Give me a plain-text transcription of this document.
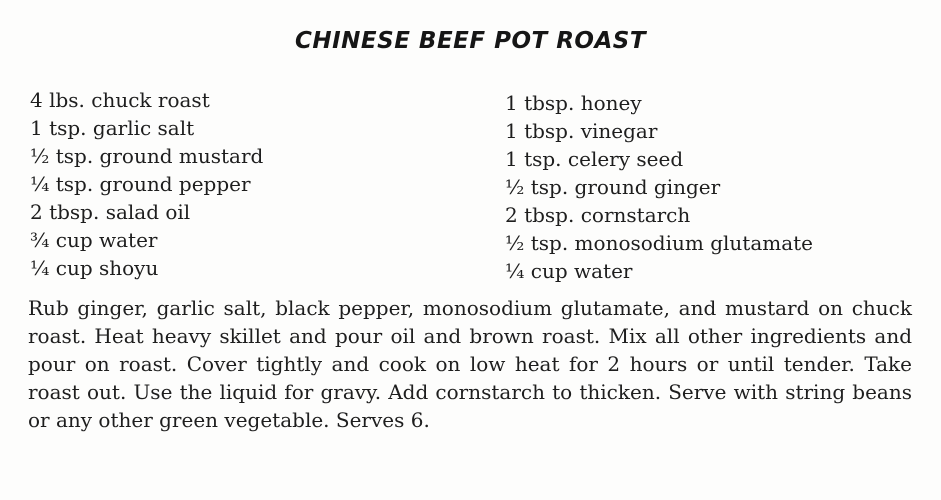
CHINESE BEEF POT ROAST
4 lbs. chuck roast
1 tsp. garlic salt
½ tsp. ground mustard
¼ tsp. ground pepper
2 tbsp. salad oil
¾ cup water
¼ cup shoyu
1 tbsp. honey
1 tbsp. vinegar
1 tsp. celery seed
½ tsp. ground ginger
2 tbsp. cornstarch
½ tsp. monosodium glutamate
¼ cup water

Rub ginger, garlic salt, black pepper, monosodium glutamate, and mustard on chuck roast. Heat heavy skillet and pour oil and brown roast. Mix all other ingredients and pour on roast. Cover tightly and cook on low heat for 2 hours or until tender. Take roast out. Use the liquid for gravy. Add cornstarch to thicken. Serve with string beans or any other green vegetable. Serves 6.
